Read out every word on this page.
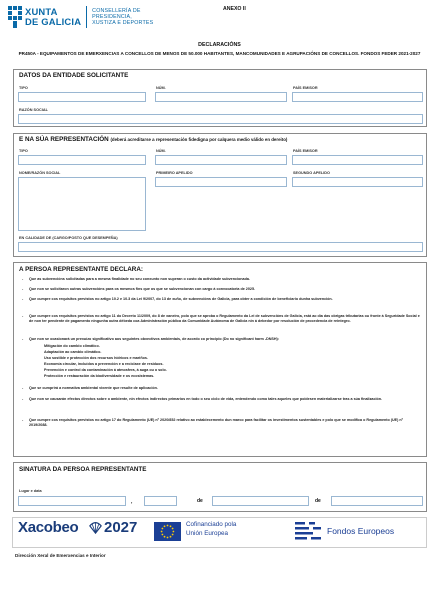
XUNTA
DE GALICIA
CONSELLERÍA DE
PRESIDENCIA,
XUSTIZA E DEPORTES
ANEXO II
DECLARACIÓNS
PR450A - EQUIPAMENTOS DE EMERXENCIAS A CONCELLOS DE MENOS DE 50.000 HABITANTES, MANCOMUNIDADES E AGRUPACIÓNS DE CONCELLOS. FONDOS FEDER 2021-2027
DATOS DA ENTIDADE SOLICITANTE
TIPO	NÚM.	PAÍS EMISOR
RAZÓN SOCIAL
E NA SÚA REPRESENTACIÓN (deberá acreditarse a representación fidedigna por calquera medio válido en dereito)
TIPO	NÚM.	PAÍS EMISOR
NOME/RAZÓN SOCIAL	PRIMEIRO APELIDO	SEGUNDO APELIDO
EN CALIDADE DE (CARGO/POSTO QUE DESEMPEÑA)
A PERSOA REPRESENTANTE DECLARA:
-	Que as subvencións solicitadas para a mesma finalidade no seu conxunto non superan o custo da actividade subvencionada.
-	Que non se solicitaron outras subvencións para os mesmos fins que os que se subvencionan con cargo á convocatoria de 2025.
-	Que cumpre cos requisitos previstos no artigo 10.2 e 10.3 da Lei 9/2007, do 13 de xuño, de subvencións de Galicia, para obter a condición de beneficiario dunha subvención.
-	Que cumpre cos requisitos previstos no artigo 11 do Decreto 11/2009, do 8 de xaneiro, polo que se aproba o Regulamento da Lei de subvencións de Galicia, está ao día das obrigas tributarias ou fronte á Seguridade Social e de non ter pendente de pagamento ningunha outra débeda coa Administración pública da Comunidade Autónoma de Galicia nin á debedor por resolución de procedencia de reintegro.
-	Que non se ocasionará un prexuízo significativo aos seguintes obxectivos ambientais, de acordo co principio (Do no significant harm -DNSH):
Mitigación do cambio climático.
Adaptación ao cambio climático.
Uso sostible e protección dos recursos hídricos e mariños.
Economía circular, incluídos a prevención e a reciclaxe de residuos.
Prevención e control da contaminación á atmosfera, á auga ou o solo.
Protección e restauración da biodiversidade e os ecosistemas.
-	Que se cumprirá a normativa ambiental vixente que resulte de aplicación.
-	Que non se causarán efectos directos sobre o ambiente, nin efectos indirectos primarios en todo o seu ciclo de vida, entendendo como tales aqueles que poidesen materializarse tras a súa finalización.
-	Que cumpre cos requisitos previstos no artigo 17 do Regulamento (UE) nº 2020/852 relativo ao establecemento dun marco para facilitar os investimentos sustentables e polo que se modifica o Regulamento (UE) nº 2019/2088.
SINATURA DA PERSOA REPRESENTANTE
Lugar e data
,	de	de
Xacobeo 2027	Cofinanciado pola
Unión Europea	Fondos Europeos
Dirección Xeral de Emerxencias e Interior
